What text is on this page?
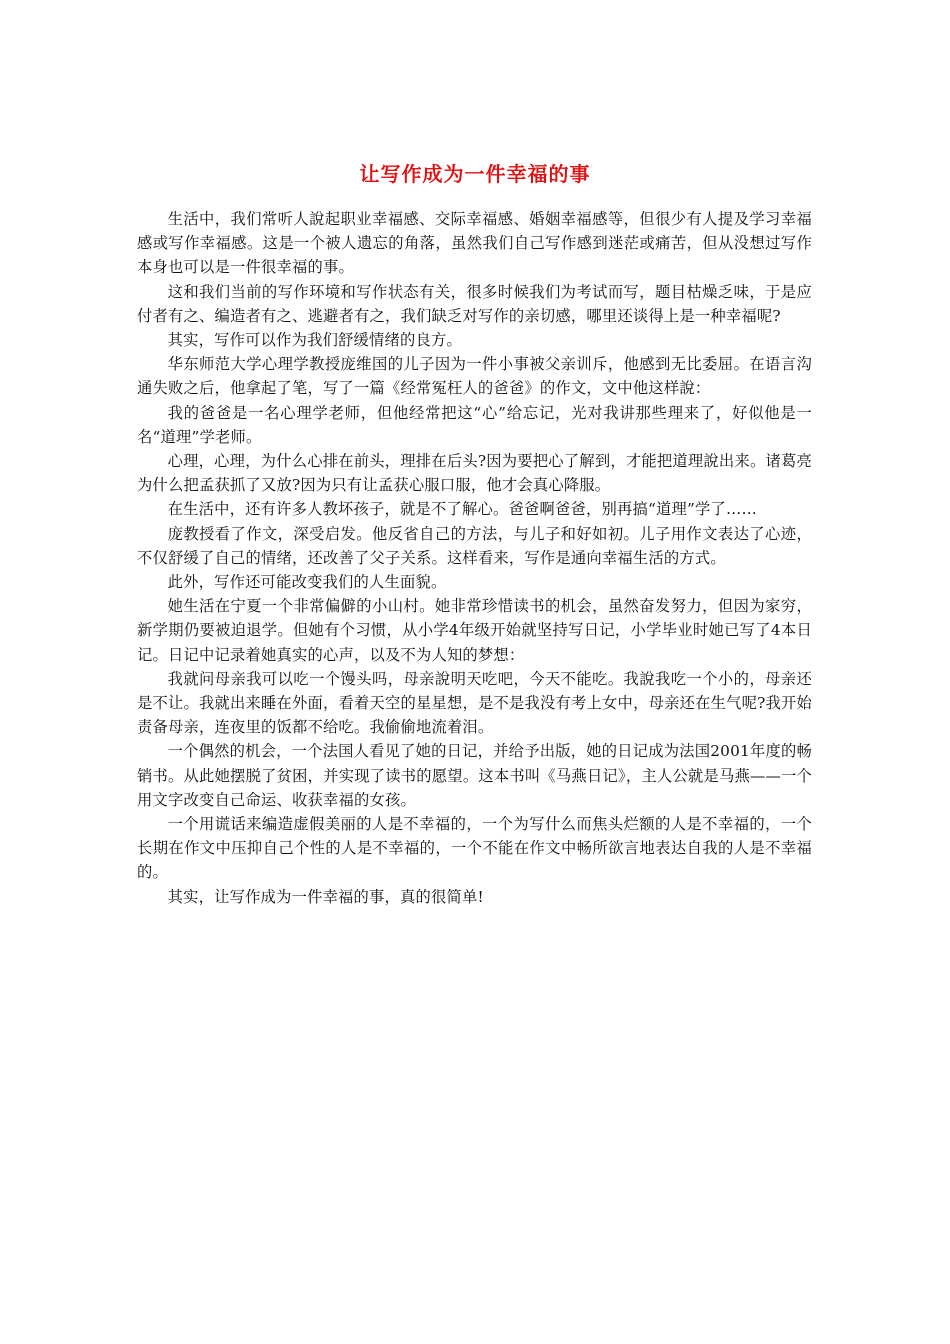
让写作成为一件幸福的事

生活中，我们常听人說起职业幸福感、交际幸福感、婚姻幸福感等，但很少有人提及学习幸福感或写作幸福感。这是一个被人遗忘的角落，虽然我们自己写作感到迷茫或痛苦，但从没想过写作本身也可以是一件很幸福的事。

这和我们当前的写作环境和写作状态有关，很多时候我们为考试而写，题目枯燥乏味，于是应付者有之、编造者有之、逃避者有之，我们缺乏对写作的亲切感，哪里还谈得上是一种幸福呢?

其实，写作可以作为我们舒缓情绪的良方。

华东师范大学心理学教授庞维国的儿子因为一件小事被父亲训斥，他感到无比委屈。在语言沟通失败之后，他拿起了笔，写了一篇《经常冤枉人的爸爸》的作文，文中他这样說：

我的爸爸是一名心理学老师，但他经常把这“心”给忘记，光对我讲那些理来了，好似他是一名“道理”学老师。

心理，心理，为什么心排在前头，理排在后头?因为要把心了解到，才能把道理說出来。诸葛亮为什么把孟获抓了又放?因为只有让孟获心服口服，他才会真心降服。

在生活中，还有许多人教坏孩子，就是不了解心。爸爸啊爸爸，别再搞“道理”学了……

庞教授看了作文，深受启发。他反省自己的方法，与儿子和好如初。儿子用作文表达了心迹，不仅舒缓了自己的情绪，还改善了父子关系。这样看来，写作是通向幸福生活的方式。

此外，写作还可能改变我们的人生面貌。

她生活在宁夏一个非常偏僻的小山村。她非常珍惜读书的机会，虽然奋发努力，但因为家穷，新学期仍要被迫退学。但她有个习惯，从小学4年级开始就坚持写日记，小学毕业时她已写了4本日记。日记中记录着她真实的心声，以及不为人知的梦想：

我就问母亲我可以吃一个馒头吗，母亲說明天吃吧，今天不能吃。我說我吃一个小的，母亲还是不让。我就出来睡在外面，看着天空的星星想，是不是我没有考上女中，母亲还在生气呢?我开始责备母亲，连夜里的饭都不给吃。我偷偷地流着泪。

一个偶然的机会，一个法国人看见了她的日记，并给予出版，她的日记成为法国2001年度的畅销书。从此她摆脱了贫困，并实现了读书的愿望。这本书叫《马燕日记》，主人公就是马燕——一个用文字改变自己命运、收获幸福的女孩。

一个用谎话来编造虚假美丽的人是不幸福的，一个为写什么而焦头烂额的人是不幸福的，一个长期在作文中压抑自己个性的人是不幸福的，一个不能在作文中畅所欲言地表达自我的人是不幸福的。

其实，让写作成为一件幸福的事，真的很简单!
